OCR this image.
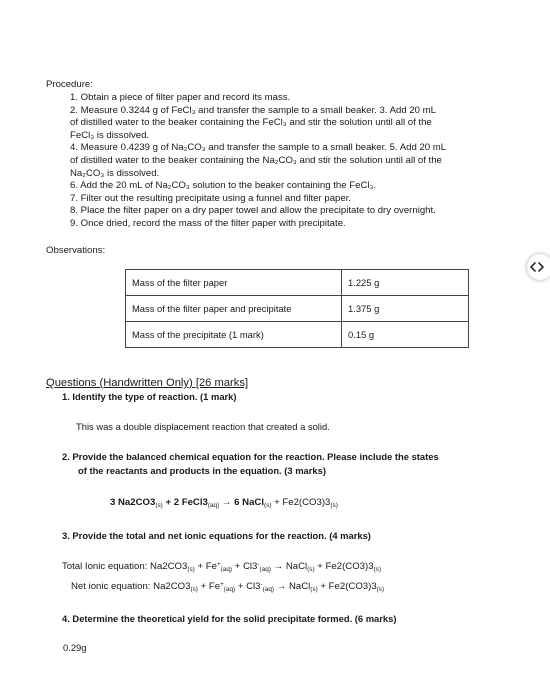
Procedure:
1. Obtain a piece of filter paper and record its mass.
2. Measure 0.3244 g of FeCl₃ and transfer the sample to a small beaker. 3. Add 20 mL
of distilled water to the beaker containing the FeCl₃ and stir the solution until all of the
FeCl₃ is dissolved.
4. Measure 0.4239 g of Na₂CO₃ and transfer the sample to a small beaker. 5. Add 20 mL
of distilled water to the beaker containing the Na₂CO₃ and stir the solution until all of the
Na₂CO₃ is dissolved.
6. Add the 20 mL of Na₂CO₃ solution to the beaker containing the FeCl₃.
7. Filter out the resulting precipitate using a funnel and filter paper.
8. Place the filter paper on a dry paper towel and allow the precipitate to dry overnight.
9. Once dried, record the mass of the filter paper with precipitate.
Observations:
Mass of the filter paper	1.225 g
Mass of the filter paper and precipitate	1.375 g
Mass of the precipitate (1 mark)	0.15 g
Questions (Handwritten Only) [26 marks]
1. Identify the type of reaction. (1 mark)
This was a double displacement reaction that created a solid.
2. Provide the balanced chemical equation for the reaction. Please include the states
of the reactants and products in the equation. (3 marks)
3 $Na2CO3_{(s)} + 2$ $FeCl3_{(aq)} \to 6$ NaCl$_{(s)}$ + $Fe2(CO3)3_{(s)}$
3. Provide the total and net ionic equations for the reaction. (4 marks)
Total Ionic equation: $Na2CO3_{(s)} + Fe^+_{(aq)} + Cl3^-_{(aq)}$ → NaCl$_{(s)}$ + $Fe2(CO3)3_{(s)}$
Net ionic equation: $Na2CO3_{(s)} + Fe^+_{(aq)} + Cl3^-_{(aq)}$ → NaCl$_{(s)}$ + $Fe2(CO3)3_{(s)}$
4. Determine the theoretical yield for the solid precipitate formed. (6 marks)
0.29g
